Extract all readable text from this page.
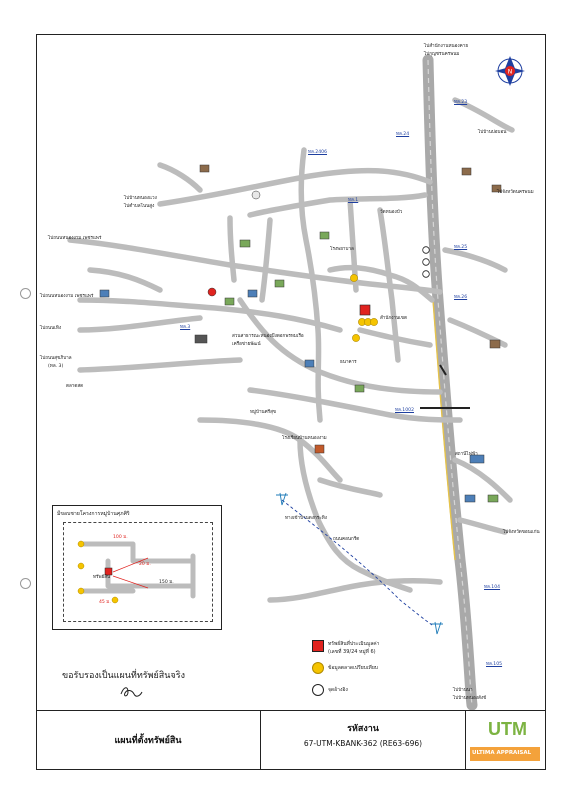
N
ไปสำนักงานหนองคาย
ไปกุญชรนครพนม
ทล.23
ทล.24	ไปบ้านบ่อบอน
ไปจังหวัดนครพนม
ทล.2406
ทล.1
ทล.25
ทล.26
ทล.3
ทล.1002
ทล.104
ทล.105
ไปบ้านหนองแวง
ไปตำบลโนนสูง
ไปถนนหนองงาม เพชรแพร่
ไปถนนหนองงาม เพชรแพร่
ไปถนนเทิง
ไปถนนสุขภิบาล
(ทล. 3)
ตลาดสด
สวนสาธารณะหนองบึงดอกพรหมเรือ
เครือข่ายพัฒน์
โรงเรียนบ้านหนองงาม
วัดหนองบัว
โรงพยาบาล
สำนักงานเขต
ธนาคาร
หมู่บ้านศรีสุข
สถานีไฟฟ้า
ไปจังหวัดขอนแก่น
ถนนคอนกรีต
ทางเข้าบ้านดงกระทิง
ไปบ้านนา
ไปบ้านหนองสังข์
มีขอบชายโครงการหมู่บ้านศุภศิริ
100 ม.
20 ม.
150 ม.
45 ม.
ทรัพย์สิน
ทรัพย์สินที่ประเมินมูลค่า
(เลขที่ 39/24 หมู่ที่ 6)
ข้อมูลตลาดเปรียบเทียบ
จุดอ้างอิง
ขอรับรองเป็นแผนที่ทรัพย์สินจริง
แผนที่ตั้งทรัพย์สิน
รหัสงาน
67-UTM-KBANK-362 (RE63-696)
UTM
ULTIMA APPRAISAL
